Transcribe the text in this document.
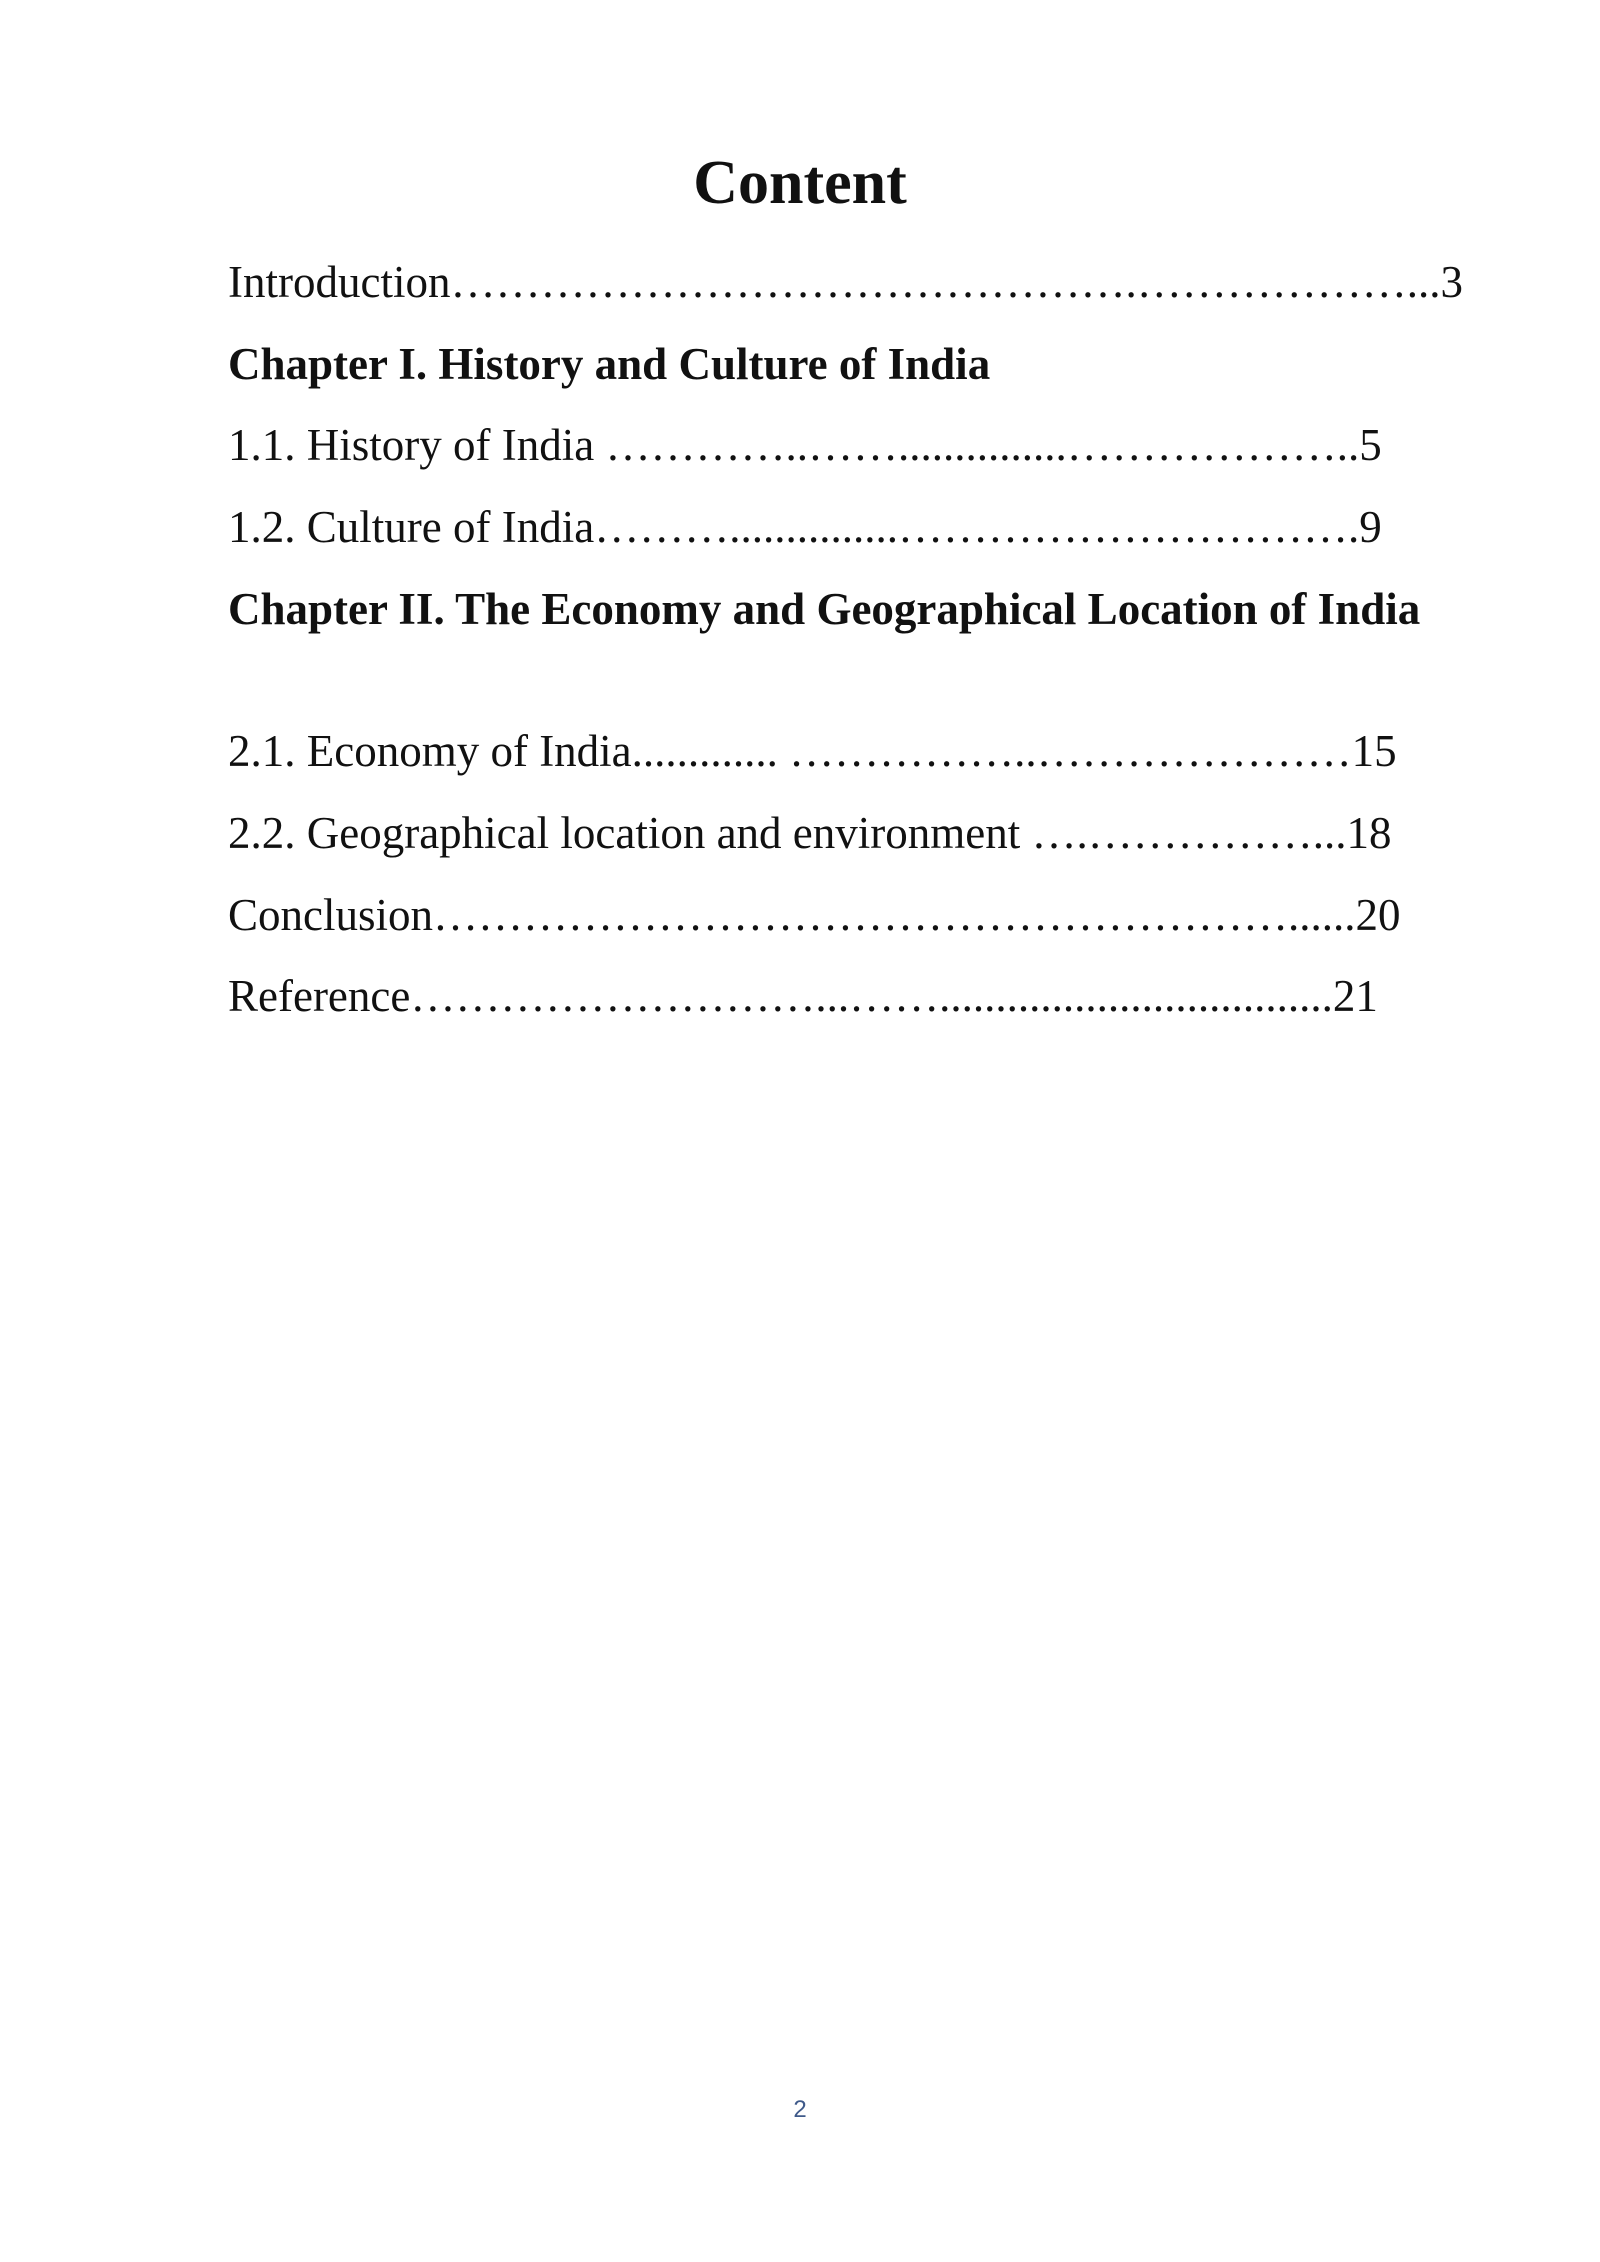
Content
Introduction……………………………………….………………...3
Chapter I. History and Culture of India
1.1. History of India …………..……...............………………..5
1.2. Culture of India………...............………………………….9
Chapter II. The Economy and Geographical Location of India
2.1. Economy of India............. ……………..…………………15
2.2. Geographical location and environment ….……………...18
Conclusion…………………………………………………......20
Reference………………………...……...................................21
2
